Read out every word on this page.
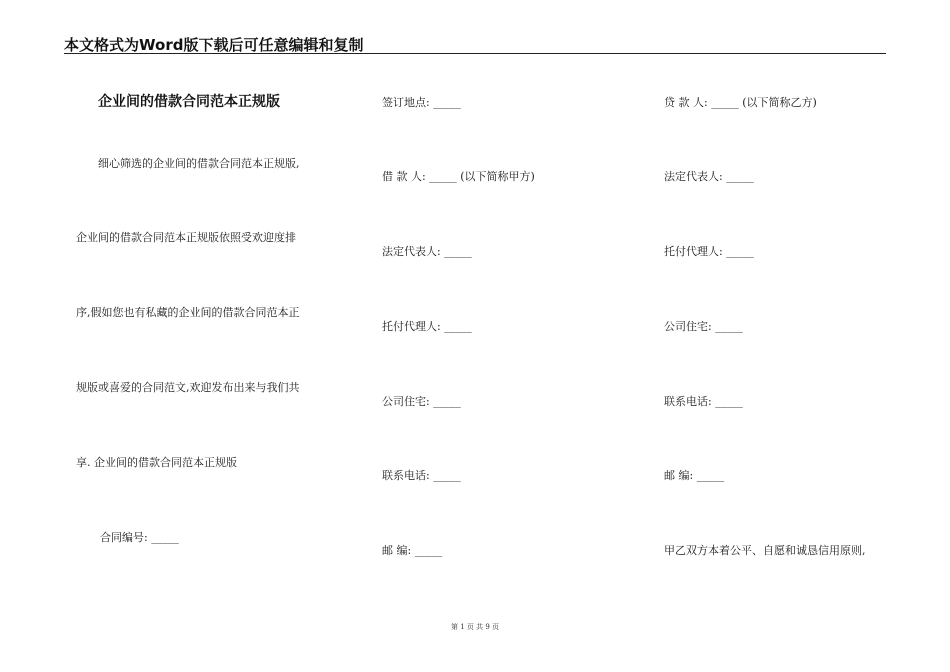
本文格式为Word版下载后可任意编辑和复制
企业间的借款合同范本正规版
细心筛选的企业间的借款合同范本正规版,
企业间的借款合同范本正规版依照受欢迎度排
序,假如您也有私藏的企业间的借款合同范本正
规版或喜爱的合同范文,欢迎发布出来与我们共
享. 企业间的借款合同范本正规版
合同编号: _____
签订地点: _____
借 款 人: _____ (以下简称甲方)
法定代表人: _____
托付代理人: _____
公司住宅: _____
联系电话: _____
邮 编: _____
贷 款 人: _____ (以下简称乙方)
法定代表人: _____
托付代理人: _____
公司住宅: _____
联系电话: _____
邮 编: _____
甲乙双方本着公平、自愿和诚恳信用原则,
第 1 页 共 9 页
